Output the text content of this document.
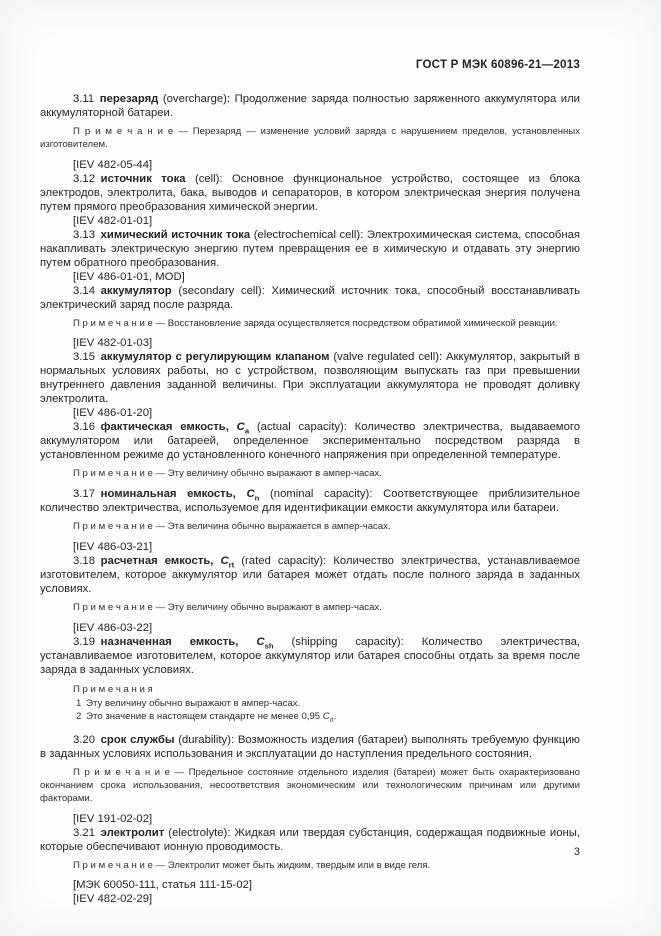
ГОСТ Р МЭК 60896-21—2013

3.11 перезаряд (overcharge): Продолжение заряда полностью заряженного аккумулятора или аккумуляторной батареи.

П р и м е ч а н и е — Перезаряд — изменение условий заряда с нарушением пределов, установленных изготовителем.

[IEV 482-05-44]

3.12 источник тока (cell): Основное функциональное устройство, состоящее из блока электродов, электролита, бака, выводов и сепараторов, в котором электрическая энергия получена путем прямого преобразования химической энергии.

[IEV 482-01-01]

3.13 химический источник тока (electrochemical cell): Электрохимическая система, способная накапливать электрическую энергию путем превращения ее в химическую и отдавать эту энергию путем обратного преобразования.

[IEV 486-01-01, MOD]

3.14 аккумулятор (secondary cell): Химический источник тока, способный восстанавливать электрический заряд после разряда.

П р и м е ч а н и е — Восстановление заряда осуществляется посредством обратимой химической реакции.

[IEV 482-01-03]

3.15 аккумулятор с регулирующим клапаном (valve regulated cell): Аккумулятор, закрытый в нормальных условиях работы, но с устройством, позволяющим выпускать газ при превышении внутреннего давления заданной величины. При эксплуатации аккумулятора не проводят доливку электролита.

[IEV 486-01-20]

3.16 фактическая емкость, $C_a$ (actual capacity): Количество электричества, выдаваемого аккумулятором или батареей, определенное экспериментально посредством разряда в установленном режиме до установленного конечного напряжения при определенной температуре.

П р и м е ч а н и е — Эту величину обычно выражают в ампер-часах.

3.17 номинальная емкость, $C_n$ (nominal capacity): Соответствующее приблизительное количество электричества, используемое для идентификации емкости аккумулятора или батареи.

П р и м е ч а н и е — Эта величина обычно выражается в ампер-часах.

[IEV 486-03-21]

3.18 расчетная емкость, $C_{rt}$ (rated capacity): Количество электричества, устанавливаемое изготовителем, которое аккумулятор или батарея может отдать после полного заряда в заданных условиях.

П р и м е ч а н и е — Эту величину обычно выражают в ампер-часах.

[IEV 486-03-22]

3.19 назначенная емкость, $C_{sh}$ (shipping capacity): Количество электричества, устанавливаемое изготовителем, которое аккумулятор или батарея способны отдать за время после заряда в заданных условиях.

П р и м е ч а н и я

1 Эту величину обычно выражают в ампер-часах.

2 Это значение в настоящем стандарте не менее 0,95 $C_{rt}$.

3.20 срок службы (durability): Возможность изделия (батареи) выполнять требуемую функцию в заданных условиях использования и эксплуатации до наступления предельного состояния.

П р и м е ч а н и е — Предельное состояние отдельного изделия (батареи) может быть охарактеризовано окончанием срока использования, несоответствия экономическим или технологическим причинам или другими факторами.

[IEV 191-02-02]

3.21 электролит (electrolyte): Жидкая или твердая субстанция, содержащая подвижные ионы, которые обеспечивают ионную проводимость.

П р и м е ч а н и е — Электролит может быть жидким, твердым или в виде геля.

[МЭК 60050-111, статья 111-15-02]

[IEV 482-02-29]

3
